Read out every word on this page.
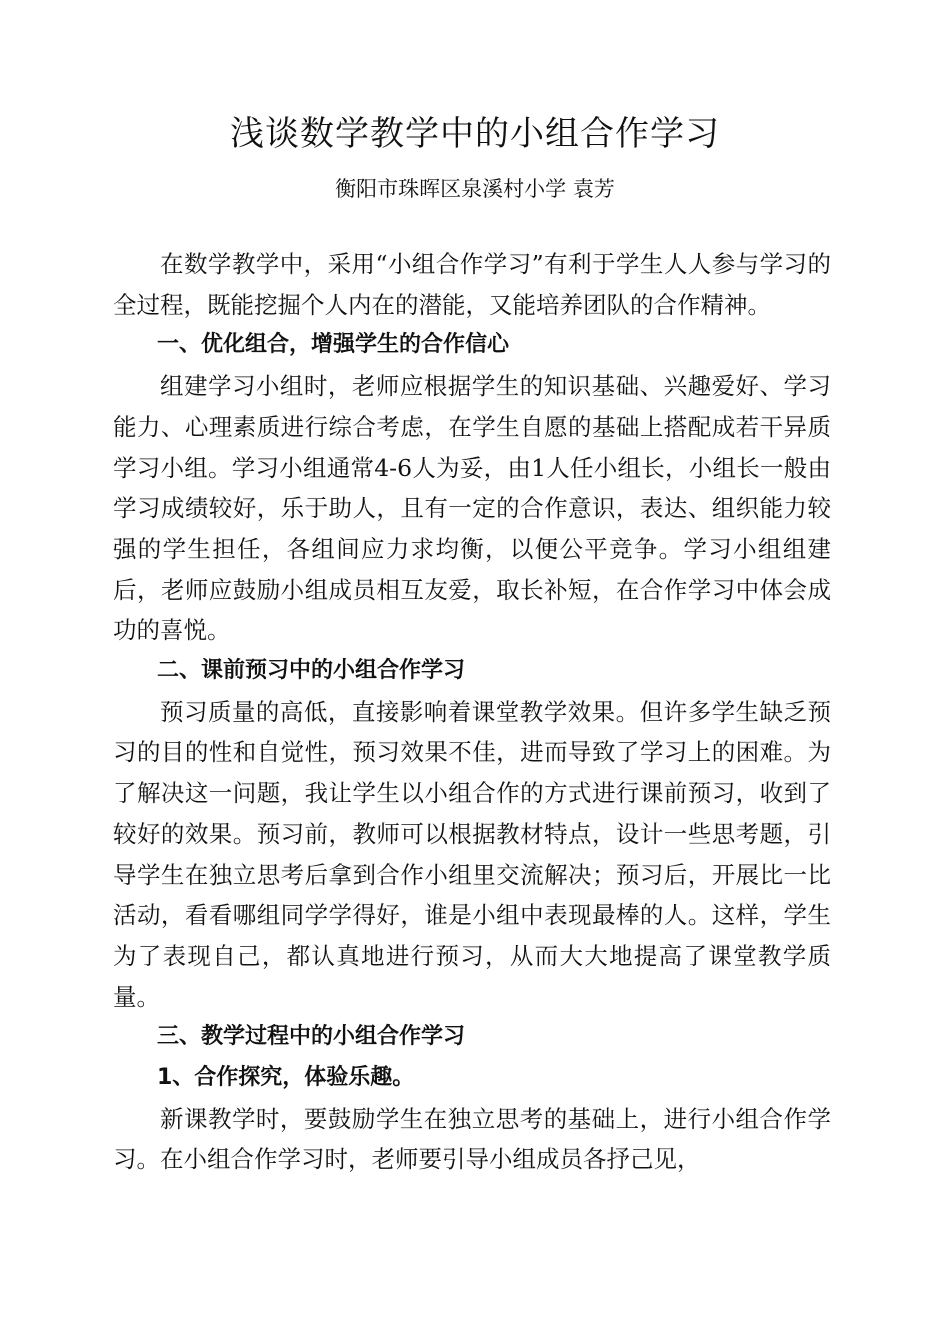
浅谈数学教学中的小组合作学习
衡阳市珠晖区泉溪村小学 袁芳

在数学教学中，采用“小组合作学习”有利于学生人人参与学习的全过程，既能挖掘个人内在的潜能，又能培养团队的合作精神。

一、优化组合，增强学生的合作信心

组建学习小组时，老师应根据学生的知识基础、兴趣爱好、学习能力、心理素质进行综合考虑，在学生自愿的基础上搭配成若干异质学习小组。学习小组通常4-6人为妥，由1人任小组长，小组长一般由学习成绩较好，乐于助人，且有一定的合作意识，表达、组织能力较强的学生担任，各组间应力求均衡，以便公平竞争。学习小组组建后，老师应鼓励小组成员相互友爱，取长补短，在合作学习中体会成功的喜悦。

二、课前预习中的小组合作学习

预习质量的高低，直接影响着课堂教学效果。但许多学生缺乏预习的目的性和自觉性，预习效果不佳，进而导致了学习上的困难。为了解决这一问题，我让学生以小组合作的方式进行课前预习，收到了较好的效果。预习前，教师可以根据教材特点，设计一些思考题，引导学生在独立思考后拿到合作小组里交流解决；预习后，开展比一比活动，看看哪组同学学得好，谁是小组中表现最棒的人。这样，学生为了表现自己，都认真地进行预习，从而大大地提高了课堂教学质量。

三、教学过程中的小组合作学习

1、合作探究，体验乐趣。

新课教学时，要鼓励学生在独立思考的基础上，进行小组合作学习。在小组合作学习时，老师要引导小组成员各抒己见，
